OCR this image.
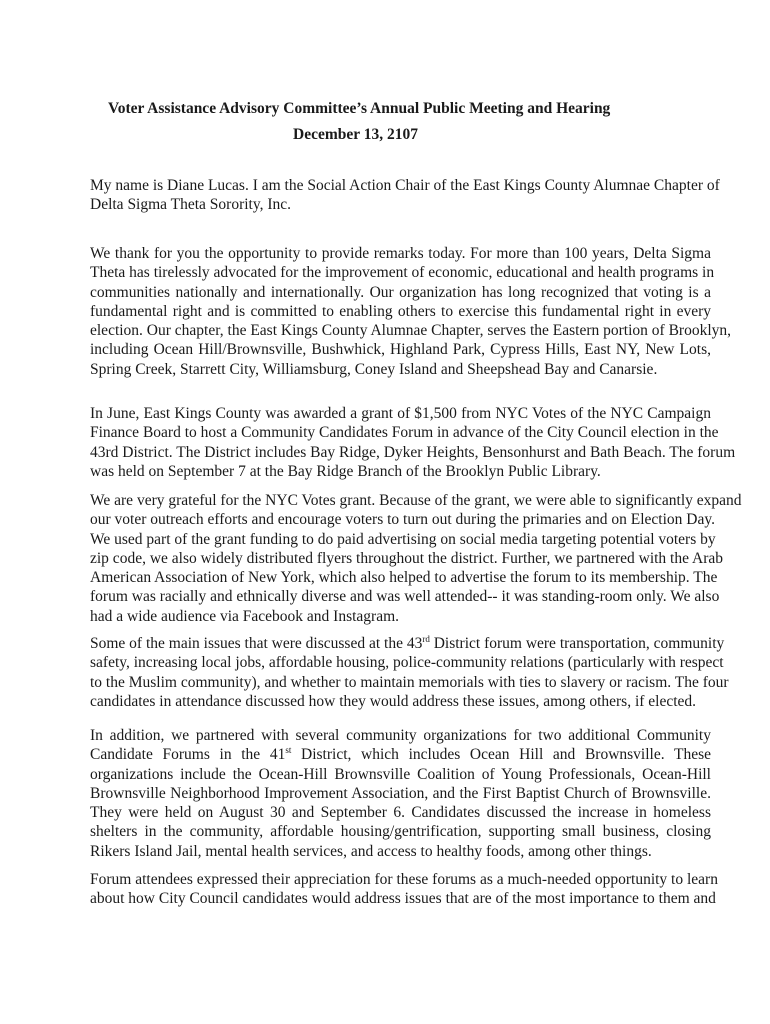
Voter Assistance Advisory Committee’s Annual Public Meeting and Hearing

December 13, 2107

My name is Diane Lucas. I am the Social Action Chair of the East Kings County Alumnae Chapter of
Delta Sigma Theta Sorority, Inc.
We thank for you the opportunity to provide remarks today. For more than 100 years, Delta Sigma
Theta has tirelessly advocated for the improvement of economic, educational and health programs in
communities nationally and internationally. Our organization has long recognized that voting is a
fundamental right and is committed to enabling others to exercise this fundamental right in every
election. Our chapter, the East Kings County Alumnae Chapter, serves the Eastern portion of Brooklyn,
including Ocean Hill/Brownsville, Bushwhick, Highland Park, Cypress Hills, East NY, New Lots,
Spring Creek, Starrett City, Williamsburg, Coney Island and Sheepshead Bay and Canarsie.
In June, East Kings County was awarded a grant of $1,500 from NYC Votes of the NYC Campaign
Finance Board to host a Community Candidates Forum in advance of the City Council election in the
43rd District. The District includes Bay Ridge, Dyker Heights, Bensonhurst and Bath Beach. The forum
was held on September 7 at the Bay Ridge Branch of the Brooklyn Public Library.
We are very grateful for the NYC Votes grant. Because of the grant, we were able to significantly expand
our voter outreach efforts and encourage voters to turn out during the primaries and on Election Day.
We used part of the grant funding to do paid advertising on social media targeting potential voters by
zip code, we also widely distributed flyers throughout the district. Further, we partnered with the Arab
American Association of New York, which also helped to advertise the forum to its membership. The
forum was racially and ethnically diverse and was well attended-- it was standing-room only. We also
had a wide audience via Facebook and Instagram.
Some of the main issues that were discussed at the 43rd District forum were transportation, community
safety, increasing local jobs, affordable housing, police-community relations (particularly with respect
to the Muslim community), and whether to maintain memorials with ties to slavery or racism. The four
candidates in attendance discussed how they would address these issues, among others, if elected.
In addition, we partnered with several community organizations for two additional Community
Candidate Forums in the 41st District, which includes Ocean Hill and Brownsville. These
organizations include the Ocean-Hill Brownsville Coalition of Young Professionals, Ocean-Hill
Brownsville Neighborhood Improvement Association, and the First Baptist Church of Brownsville.
They were held on August 30 and September 6. Candidates discussed the increase in homeless
shelters in the community, affordable housing/gentrification, supporting small business, closing
Rikers Island Jail, mental health services, and access to healthy foods, among other things.
Forum attendees expressed their appreciation for these forums as a much-needed opportunity to learn
about how City Council candidates would address issues that are of the most importance to them and
